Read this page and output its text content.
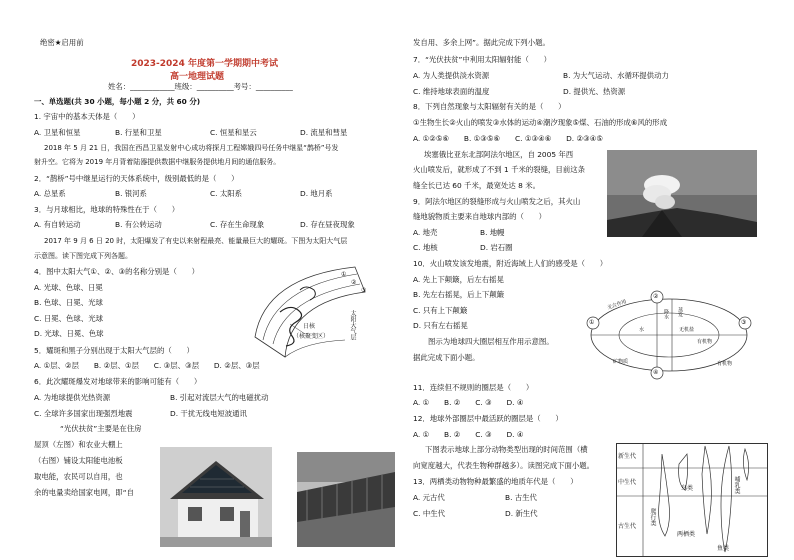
绝密★启用前
2023-2024 年度第一学期期中考试
高一地理试题
姓名：____________班级：__________考号：__________
一、单选题(共 30 小题，每小题 2 分，共 60 分)
1. 宇宙中的基本天体是（　　）
A. 卫星和恒星	B. 行星和卫星	C. 恒星和星云	D. 流星和彗星
2018 年 5 月 21 日，我国在西昌卫星发射中心成功将探月工程嫦娥四号任务中继星“鹊桥”号发
射升空。它将为 2019 年月背着陆器提供数据中继服务提供地月间的通信服务。
2．“鹊桥”号中继星运行的天体系统中，级别最低的是（　　）
A. 总星系	B. 银河系	C. 太阳系	D. 地月系
3．与月球相比，地球的特殊性在于（　　）
A. 有自转运动	B. 有公转运动	C. 存在生命现象	D. 存在昼夜现象
2017 年 9 月 6 日 20 时，太阳爆发了有史以来射程最亮、能量最巨大的耀斑。下图为太阳大气层
示意图。读下图完成下列各题。
4．图中太阳大气①、②、③的名称分别是（　　）
A. 光球、色球、日冕
B. 色球、日冕、光球
C. 日冕、色球、光球
D. 光球、日冕、色球
5．耀斑和黑子分别出现于太阳大气层的（　　）
A. ①层、②层　　B. ②层、①层　　C. ③层、③层　　D. ②层、③层
6．此次耀斑爆发对地球带来的影响可能有（　　）
A. 为地球提供光热资源	B. 引起对流层大气的电磁扰动
C. 全球许多国家出现强烈地震	D. 干扰无线电短波通讯
“光伏扶贫”主要是在住房
屋顶（左图）和农业大棚上
（右图）铺设太阳能电池板
取电能，农民可以自用，也
余的电量卖给国家电网，即“自
日核
（核聚变区）	太阳大气层
①
②
③
发自用、多余上网”。据此完成下列小题。
7．“光伏扶贫”中利用太阳辐射能（　　）
A. 为人类提供淡水资源	B. 为大气运动、水循环提供动力
C. 维持地球表面的温度	D. 提供光、热资源
8．下列自然现象与太阳辐射有关的是（　　）
①生物生长②火山的喷发③水体的运动④潮汐现象⑤煤、石油的形成⑥风的形成
A. ①②⑤⑥　　B. ①③⑤⑥　　C. ①③④⑥　　D. ②③④⑤
埃塞俄比亚东北部阿法尔地区，自 2005 年西
火山喷发后，就形成了不到 1 千米的裂缝，目前这条
缝全长已达 60 千米，最宽处达 8 米。
9．阿法尔地区的裂缝形成与火山喷发之后，其火山
缝地貌物质主要来自地球内部的（　　）
A. 地壳	B. 地幔
C. 地核	D. 岩石圈
10．火山喷发该发地震，附近海域上人们的感受是（　　）
A. 先上下颠簸，后左右摇晃
B. 先左右摇晃，后上下颠簸
C. 只有上下颠簸
D. 只有左右摇晃
图示为地球四大圈层相互作用示意图。
据此完成下面小题。
①
②
③
④
光合作用
降水	蒸发
水	无机盐
有机物
有机物
矿物质
11．连续但不规则的圈层是（　　）
A. ①　　B. ②　　C. ③　　D. ④
12．地球外部圈层中最活跃的圈层是（　　）
A. ①　　B. ②　　C. ③　　D. ④
下图表示地球上部分动物类型出现的时间范围（横
向宽度越大，代表生物种群越多）。读图完成下面小题。
13．两栖类动物物种最繁盛的地质年代是（　　）
A. 元古代	B. 古生代
C. 中生代	D. 新生代
新生代
中生代
古生代
鸟类	哺乳类
爬行类
两栖类
鱼类
